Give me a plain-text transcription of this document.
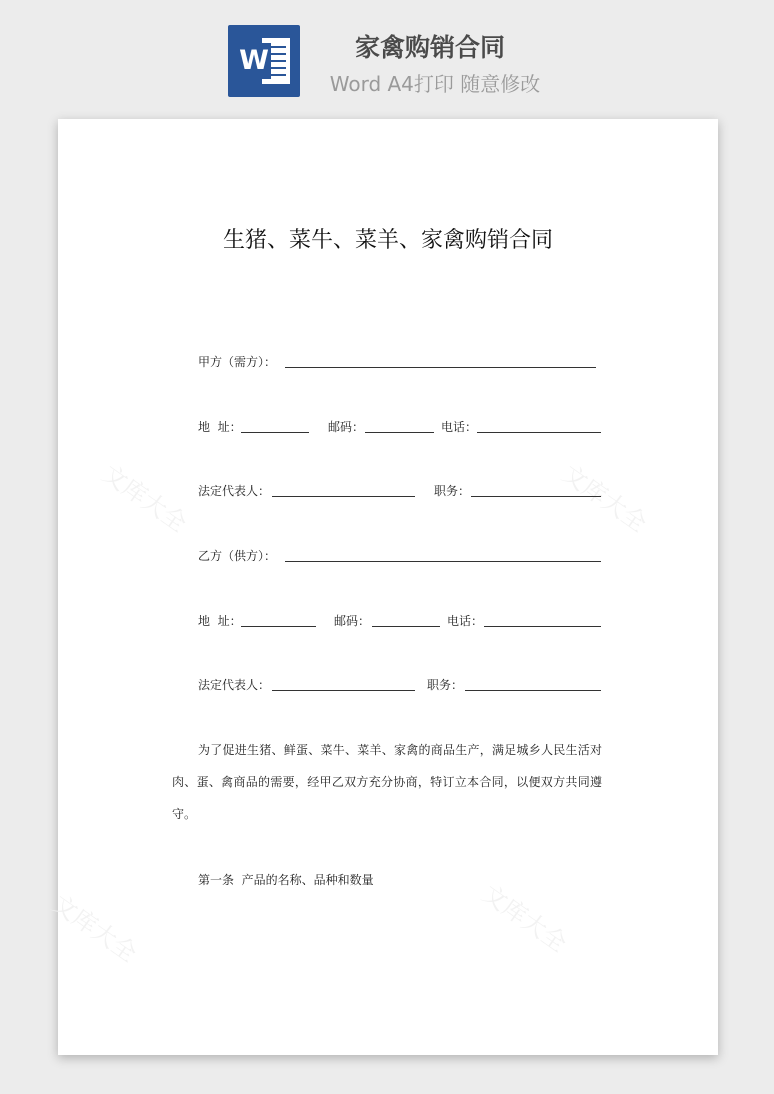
W	家禽购销合同
Word A4打印 随意修改
文库大全	文库大全
文库大全	文库大全
生猪、菜牛、菜羊、家禽购销合同
甲方（需方）：
地  址：	邮码：	电话：
法定代表人：	职务：
乙方（供方）：
地  址：	邮码：	电话：
法定代表人：	职务：
为了促进生猪、鲜蛋、菜牛、菜羊、家禽的商品生产，满足城乡人民生活对肉、蛋、禽商品的需要，经甲乙双方充分协商，特订立本合同，以便双方共同遵守。
第一条  产品的名称、品种和数量
